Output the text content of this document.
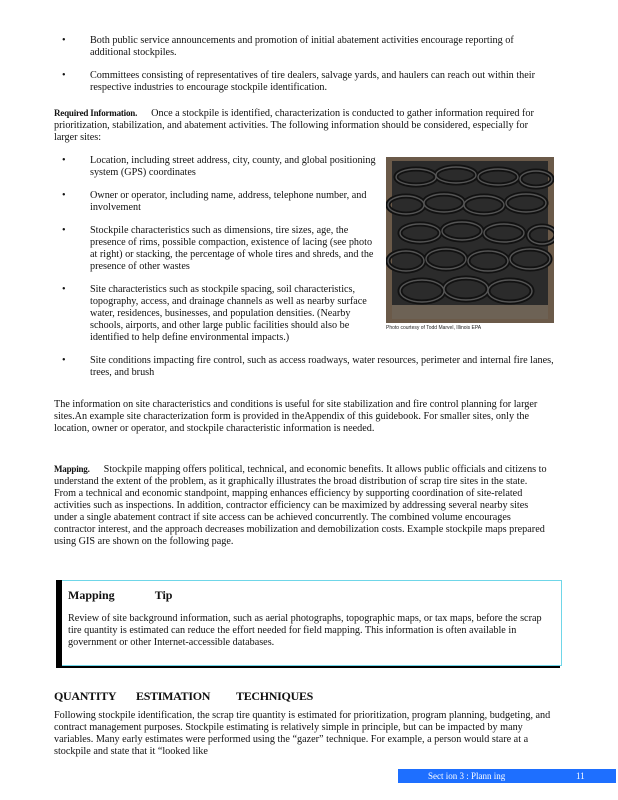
• Both public service announcements and promotion of initial abatement activities encourage reporting of additional stockpiles.
• Committees consisting of representatives of tire dealers, salvage yards, and haulers can reach out within their respective industries to encourage stockpile identification.
Required Information. Once a stockpile is identified, characterization is conducted to gather information required for prioritization, stabilization, and abatement activities. The following information should be considered, especially for larger sites:
Photo courtesy of Todd Marvel, Illinois EPA
• Location, including street address, city, county, and global positioning system (GPS) coordinates
• Owner or operator, including name, address, telephone number, and involvement
• Stockpile characteristics such as dimensions, tire sizes, age, the presence of rims, possible compaction, existence of lacing (see photo at right) or stacking, the percentage of whole tires and shreds, and the presence of other wastes
• Site characteristics such as stockpile spacing, soil characteristics, topography, access, and drainage channels as well as nearby surface water, residences, businesses, and population densities. (Nearby schools, airports, and other large public facilities should also be identified to help define environmental impacts.)
• Site conditions impacting fire control, such as access roadways, water resources, perimeter and internal fire lanes, trees, and brush
The information on site characteristics and conditions is useful for site stabilization and fire control planning for larger sites.An example site characterization form is provided in theAppendix of this guidebook. For smaller sites, only the location, owner or operator, and stockpile characteristic information is needed.
Mapping. Stockpile mapping offers political, technical, and economic benefits. It allows public officials and citizens to understand the extent of the problem, as it graphically illustrates the broad distribution of scrap tire sites in the state. From a technical and economic standpoint, mapping enhances efficiency by supporting coordination of site-related activities such as inspections. In addition, contractor efficiency can be maximized by addressing several nearby sites under a single abatement contract if site access can be achieved concurrently. The combined volume encourages contractor interest, and the approach decreases mobilization and demobilization costs. Example stockpile maps prepared using GIS are shown on the following page.
Mapping	Tip
Review of site background information, such as aerial photographs, topographic maps, or tax maps, before the scrap tire quantity is estimated can reduce the effort needed for field mapping. This information is often available in government or other Internet-accessible databases.
QUANTITY ESTIMATION TECHNIQUES
Following stockpile identification, the scrap tire quantity is estimated for prioritization, program planning, budgeting, and contract management purposes. Stockpile estimating is relatively simple in principle, but can be impacted by many variables. Many early estimates were performed using the “gazer” technique. For example, a person would stare at a stockpile and state that it “looked like
Sect ion 3 : Plann ing	11
